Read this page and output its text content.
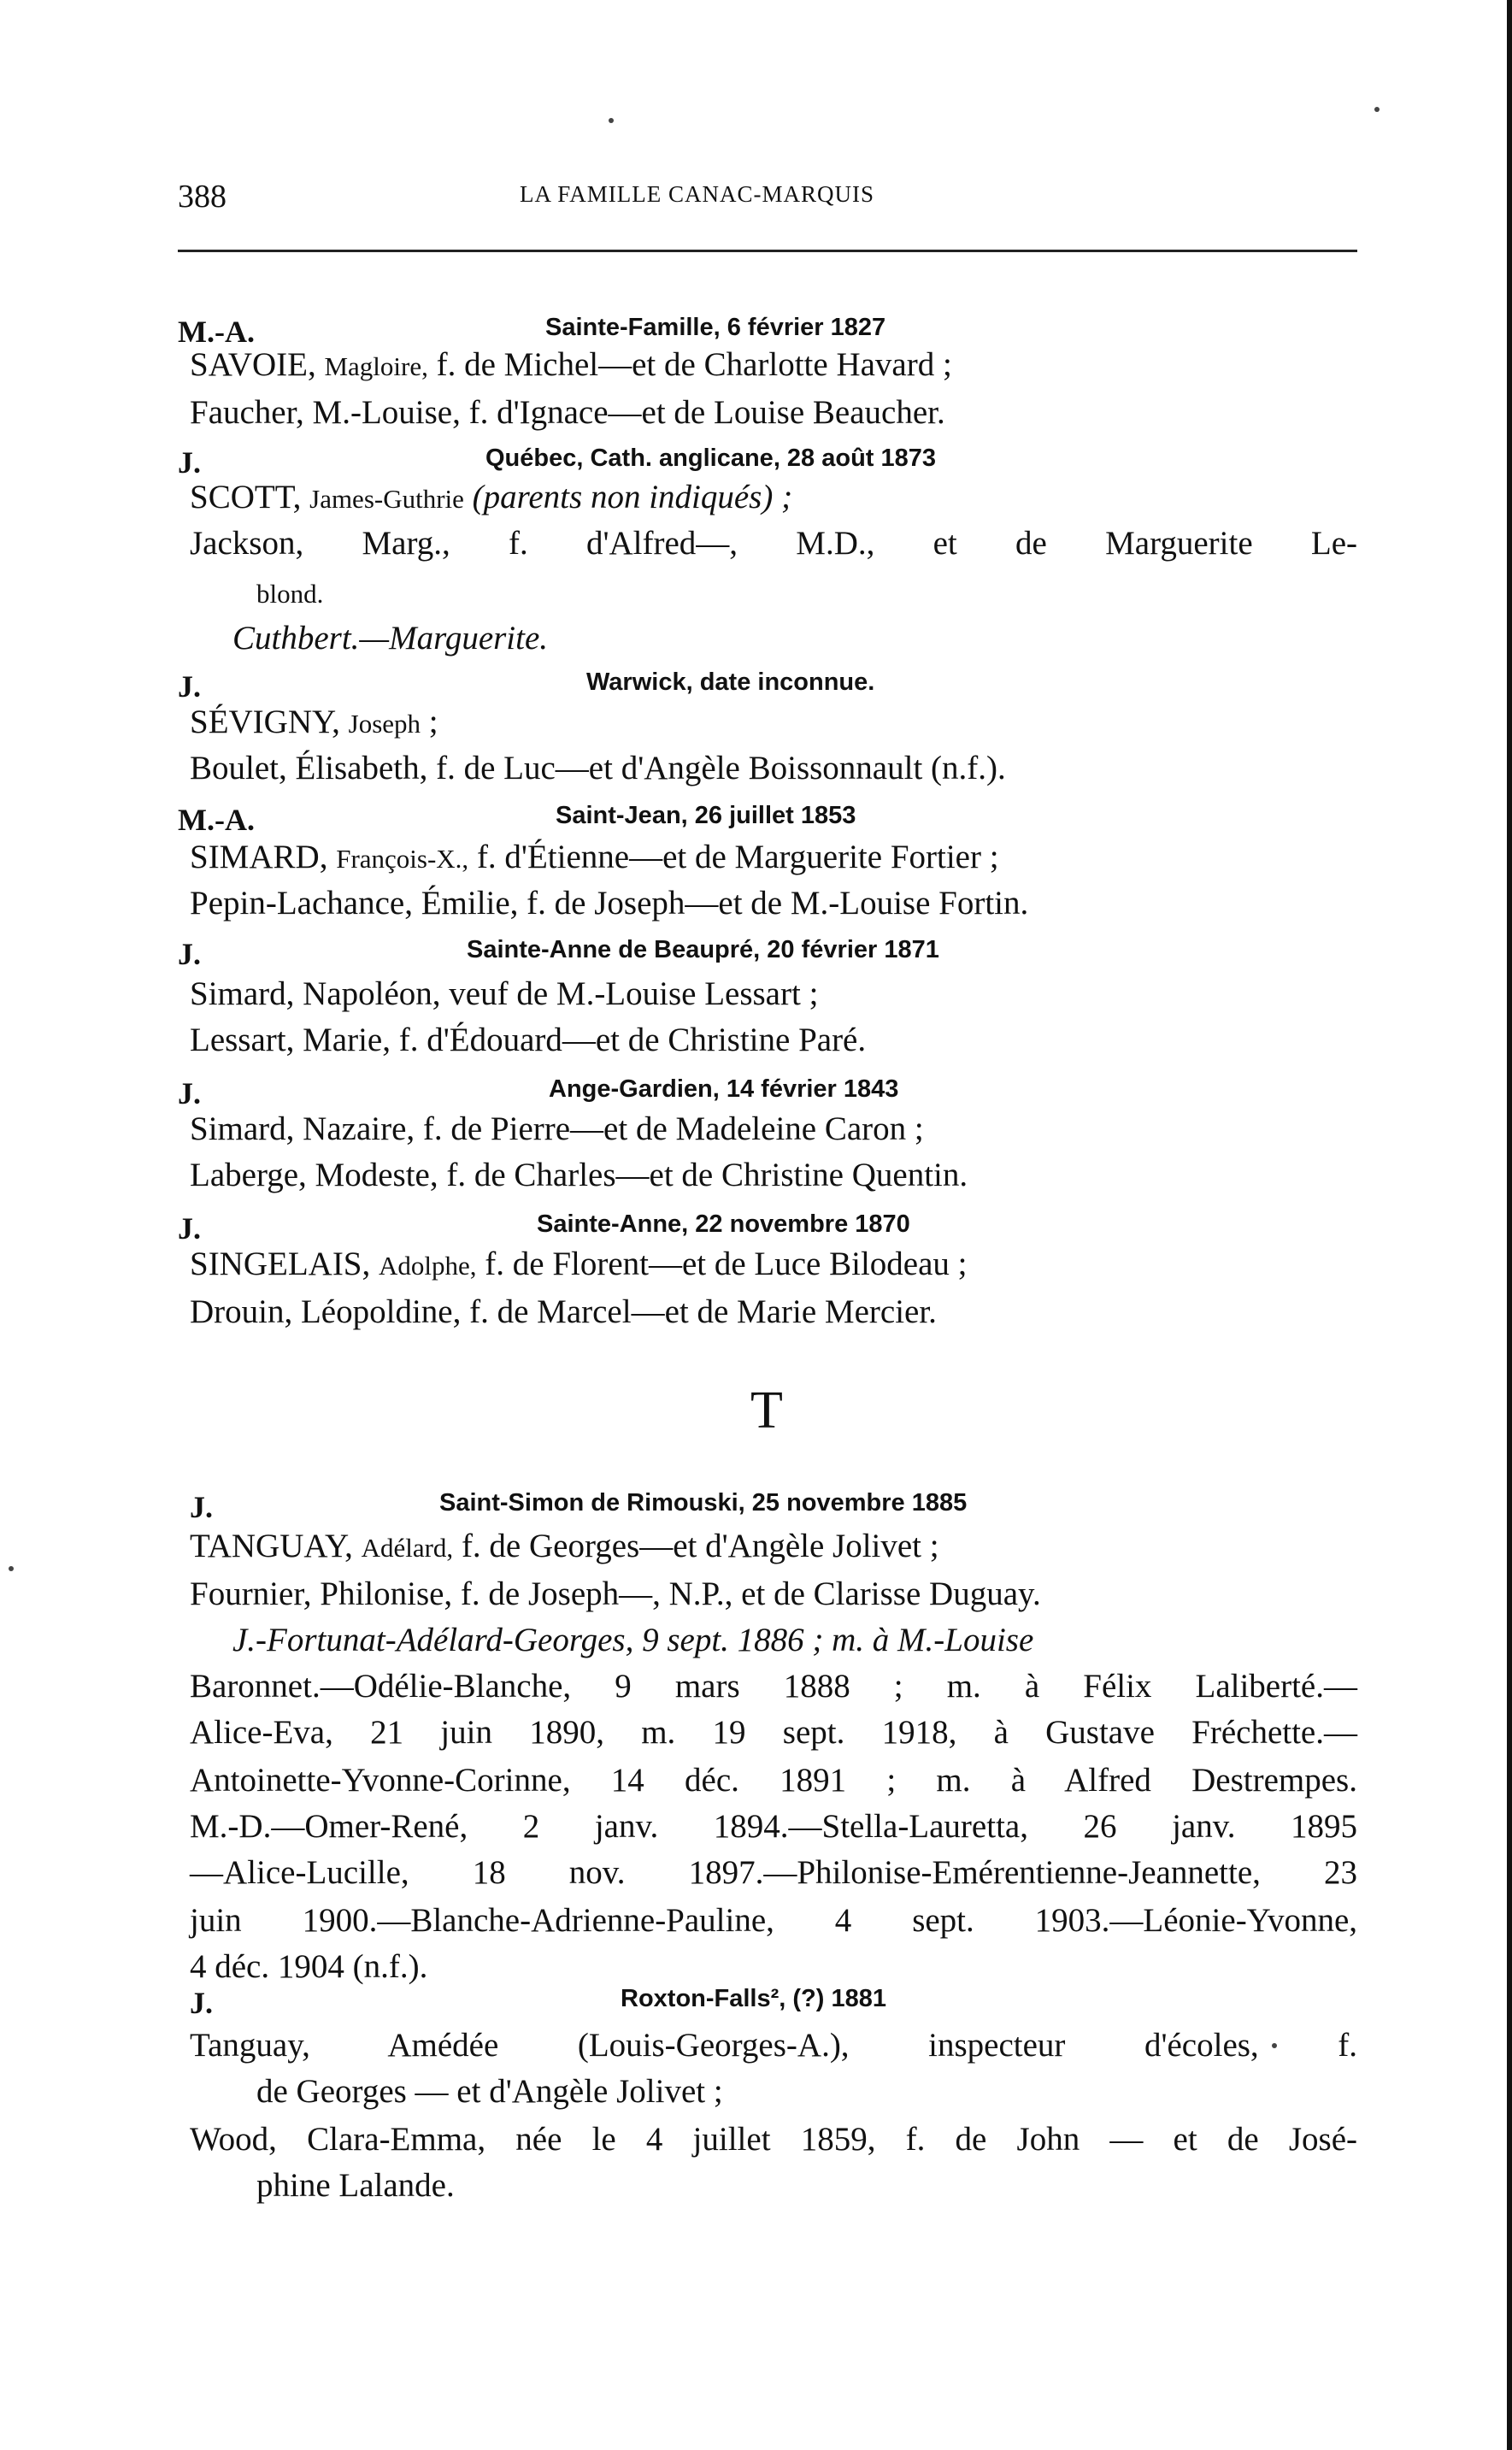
388	LA FAMILLE CANAC-MARQUIS
M.-A.	Sainte-Famille, 6 février 1827
SAVOIE, Magloire, f. de Michel—et de Charlotte Havard ;
Faucher, M.-Louise, f. d'Ignace—et de Louise Beaucher.
J.	Québec, Cath. anglicane, 28 août 1873
SCOTT, James-Guthrie (parents non indiqués) ;
Jackson, Marg., f. d'Alfred—, M.D., et de Marguerite Le-
blond.
Cuthbert.—Marguerite.
J.	Warwick, date inconnue.
SÉVIGNY, Joseph ;
Boulet, Élisabeth, f. de Luc—et d'Angèle Boissonnault (n.f.).
M.-A.	Saint-Jean, 26 juillet 1853
SIMARD, François-X., f. d'Étienne—et de Marguerite Fortier ;
Pepin-Lachance, Émilie, f. de Joseph—et de M.-Louise Fortin.
J.	Sainte-Anne de Beaupré, 20 février 1871
Simard, Napoléon, veuf de M.-Louise Lessart ;
Lessart, Marie, f. d'Édouard—et de Christine Paré.
J.	Ange-Gardien, 14 février 1843
Simard, Nazaire, f. de Pierre—et de Madeleine Caron ;
Laberge, Modeste, f. de Charles—et de Christine Quentin.
J.	Sainte-Anne, 22 novembre 1870
SINGELAIS, Adolphe, f. de Florent—et de Luce Bilodeau ;
Drouin, Léopoldine, f. de Marcel—et de Marie Mercier.
T
J.	Saint-Simon de Rimouski, 25 novembre 1885
TANGUAY, Adélard, f. de Georges—et d'Angèle Jolivet ;
Fournier, Philonise, f. de Joseph—, N.P., et de Clarisse Duguay.
J.-Fortunat-Adélard-Georges, 9 sept. 1886 ; m. à M.-Louise
Baronnet.—Odélie-Blanche, 9 mars 1888 ; m. à Félix Laliberté.—
Alice-Eva, 21 juin 1890, m. 19 sept. 1918, à Gustave Fréchette.—
Antoinette-Yvonne-Corinne, 14 déc. 1891 ; m. à Alfred Destrempes.
M.-D.—Omer-René, 2 janv. 1894.—Stella-Lauretta, 26 janv. 1895
—Alice-Lucille, 18 nov. 1897.—Philonise-Emérentienne-Jeannette, 23
juin 1900.—Blanche-Adrienne-Pauline, 4 sept. 1903.—Léonie-Yvonne,
4 déc. 1904 (n.f.).
J.	Roxton-Falls², (?) 1881
Tanguay, Amédée (Louis-Georges-A.), inspecteur d'écoles, f.
de Georges — et d'Angèle Jolivet ;
Wood, Clara-Emma, née le 4 juillet 1859, f. de John — et de José-
phine Lalande.
